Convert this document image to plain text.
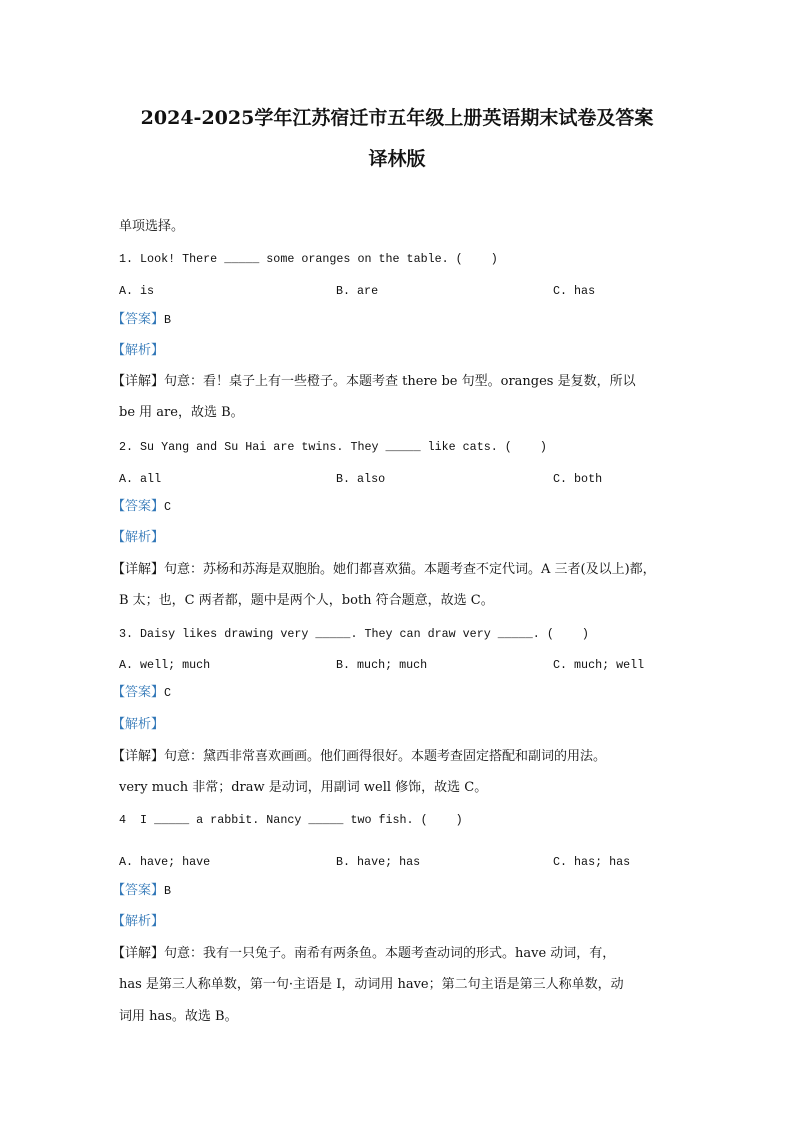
2024-2025学年江苏宿迁市五年级上册英语期末试卷及答案
译林版
单项选择。
1. Look! There _____ some oranges on the table. (    )
A. is	B. are	C. has
【答案】 B
【解析】
【详解】 句意：看！桌子上有一些橙子。本题考查 there be 句型。oranges 是复数，所以
be 用 are，故选 B。
2. Su Yang and Su Hai are twins. They _____ like cats. (    )
A. all	B. also	C. both
【答案】 C
【解析】
【详解】 句意：苏杨和苏海是双胞胎。她们都喜欢猫。本题考查不定代词。A 三者(及以上)都，
B 太；也，C 两者都，题中是两个人，both 符合题意，故选 C。
3. Daisy likes drawing very _____. They can draw very _____. (    )
A. well; much	B. much; much	C. much; well
【答案】 C
【解析】
【详解】 句意：黛西非常喜欢画画。他们画得很好。本题考查固定搭配和副词的用法。
very much 非常；draw 是动词，用副词 well 修饰，故选 C。
4  I _____ a rabbit. Nancy _____ two fish. (    )
A. have; have	B. have; has	C. has; has
【答案】 B
【解析】
【详解】 句意：我有一只兔子。南希有两条鱼。本题考查动词的形式。have 动词，有，
has 是第三人称单数，第一句·主语是 I，动词用 have；第二句主语是第三人称单数，动
词用 has。故选 B。
